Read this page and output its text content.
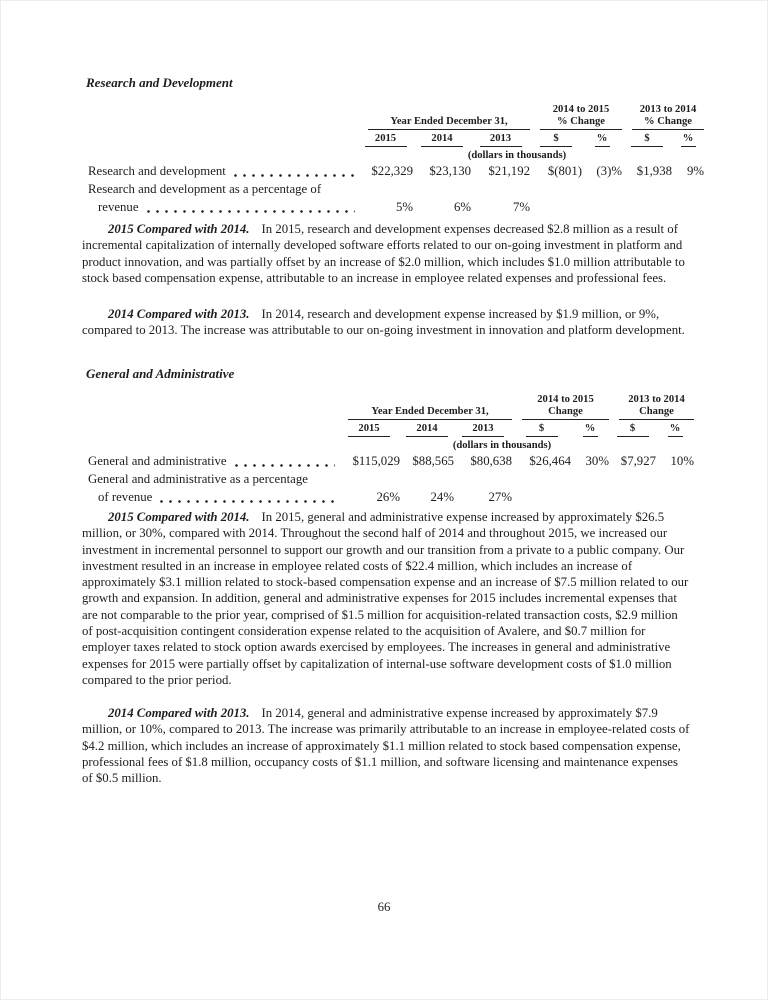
Research and Development

Year Ended December 31,

2014 to 2015
% Change

2013 to 2014
% Change

	2015	2014	2013	$	%	$	%

	(dollars in thousands)						

Research and development	$22,329	$23,130	$21,192	$(801)	(3)%	$1,938	9%

Research and development as a percentage of							

revenue	5%	6%	7%				

2015 Compared with 2014. In 2015, research and development expenses decreased $2.8 million as a result of incremental capitalization of internally developed software efforts related to our on-going investment in platform and product innovation, and was partially offset by an increase of $2.0 million, which includes $1.0 million attributable to stock based compensation expense, attributable to an increase in employee related expenses and professional fees.

2014 Compared with 2013. In 2014, research and development expense increased by $1.9 million, or 9%, compared to 2013. The increase was attributable to our on-going investment in innovation and platform development.

General and Administrative

Year Ended December 31,

2014 to 2015
Change

2013 to 2014
Change

	2015	2014	2013	$	%	$	%

	(dollars in thousands)						

General and administrative	$115,029	$88,565	$80,638	$26,464	30%	$7,927	10%

General and administrative as a percentage							

of revenue	26%	24%	27%				

2015 Compared with 2014. In 2015, general and administrative expense increased by approximately $26.5 million, or 30%, compared with 2014. Throughout the second half of 2014 and throughout 2015, we increased our investment in incremental personnel to support our growth and our transition from a private to a public company. Our investment resulted in an increase in employee related costs of $22.4 million, which includes an increase of approximately $3.1 million related to stock-based compensation expense and an increase of $7.5 million related to our growth and expansion. In addition, general and administrative expenses for 2015 includes incremental expenses that are not comparable to the prior year, comprised of $1.5 million for acquisition-related transaction costs, $2.9 million of post-acquisition contingent consideration expense related to the acquisition of Avalere, and $0.7 million for employer taxes related to stock option awards exercised by employees. The increases in general and administrative expenses for 2015 were partially offset by capitalization of internal-use software development costs of $1.0 million compared to the prior period.

2014 Compared with 2013. In 2014, general and administrative expense increased by approximately $7.9 million, or 10%, compared to 2013. The increase was primarily attributable to an increase in employee-related costs of $4.2 million, which includes an increase of approximately $1.1 million related to stock based compensation expense, professional fees of $1.8 million, occupancy costs of $1.1 million, and software licensing and maintenance expenses of $0.5 million.

66
